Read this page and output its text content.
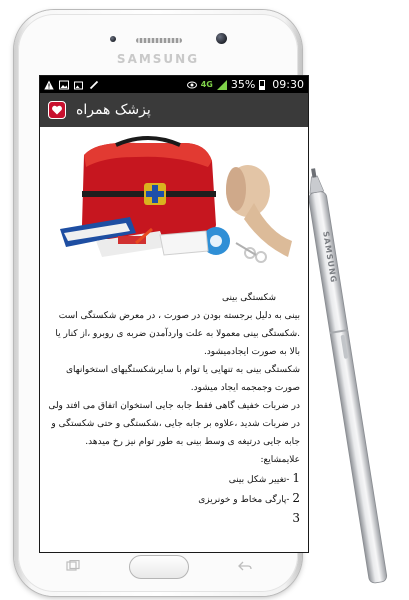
SAMSUNG
SAMSUNG
4G 35% 09:30
پزشک همراه

شکستگی بینی

بینی به دلیل برجسته بودن در صورت ، در معرض شکستگی است .شکستگی بینی معمولا به علت واردآمدن ضربه ی روبرو ،از کنار یا بالا به صورت ایجادمیشود.

شکستگی بینی به تنهایی یا توام با سایرشکستگیهای استخوانهای صورت وجمجمه ایجاد میشود.

در ضربات خفیف گاهی فقط جابه جایی استخوان اتفاق می افتد ولی در ضربات شدید ،علاوه بر جابه جایی ،شکستگی و حتی شکستگی و جابه جایی درتیغه ی وسط بینی به طور توام نیز رخ میدهد.

علایمشایع:

1 -تغییر شکل بینی

2 -پارگی مخاط و خونریزی

3
